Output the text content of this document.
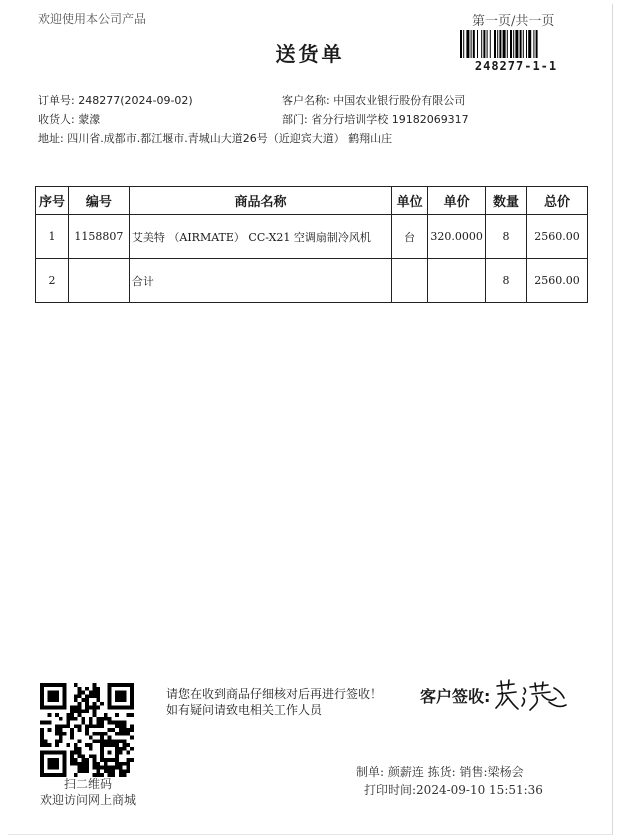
欢迎使用本公司产品	第一页/共一页
送货单	248277-1-1
订单号: 248277(2024-09-02)	客户名称: 中国农业银行股份有限公司
收货人: 蒙濛	部门: 省分行培训学校 19182069317
地址: 四川省.成都市.都江堰市.青城山大道26号（近迎宾大道） 鹤翔山庄
序号	编号	商品名称	单位	单价	数量	总价
1	1158807	艾美特 （AIRMATE） CC-X21 空调扇制冷风机	台	320.0000	8	2560.00
2		合计			8	2560.00
扫二维码
欢迎访问网上商城
请您在收到商品仔细核对后再进行签收！如有疑问请致电相关工作人员
客户签收:
制单: 颜薪连 拣货: 销售:梁杨会
打印时间:2024-09-10 15:51:36
